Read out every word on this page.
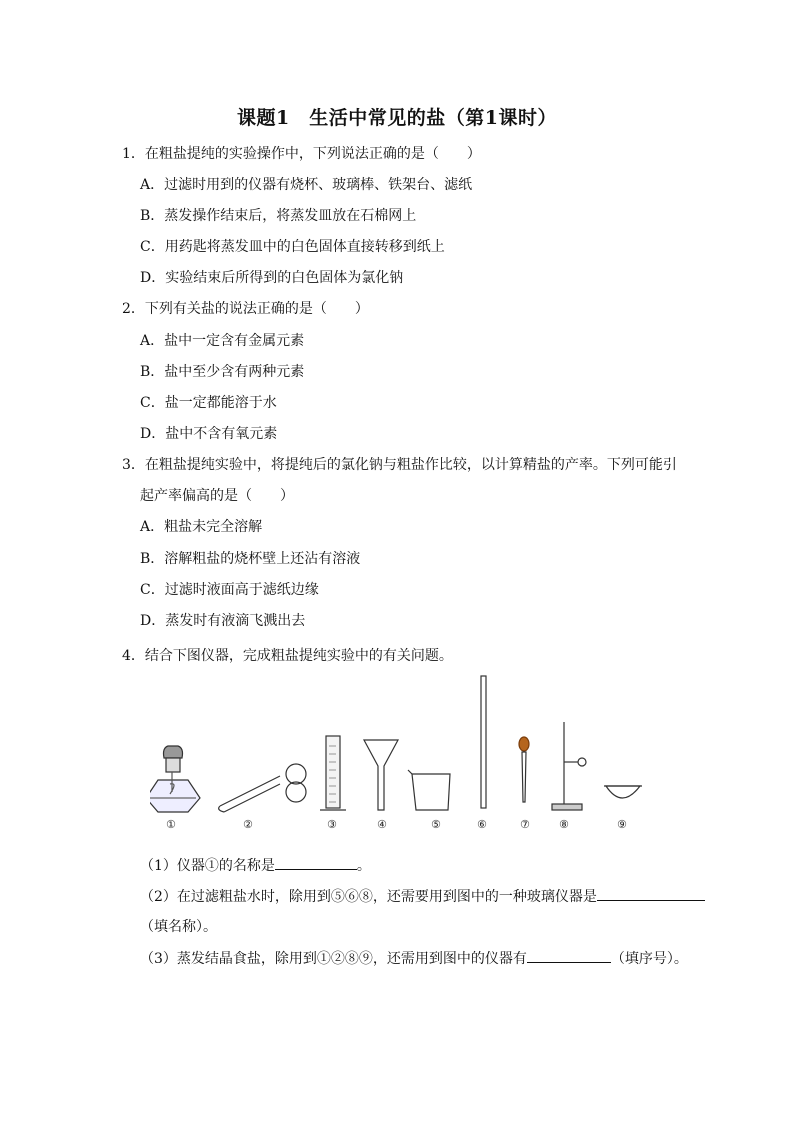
课题1　生活中常见的盐（第1课时）
1．在粗盐提纯的实验操作中，下列说法正确的是（　　）
A．过滤时用到的仪器有烧杯、玻璃棒、铁架台、滤纸
B．蒸发操作结束后，将蒸发皿放在石棉网上
C．用药匙将蒸发皿中的白色固体直接转移到纸上
D．实验结束后所得到的白色固体为氯化钠
2．下列有关盐的说法正确的是（　　）
A．盐中一定含有金属元素
B．盐中至少含有两种元素
C．盐一定都能溶于水
D．盐中不含有氧元素
3．在粗盐提纯实验中，将提纯后的氯化钠与粗盐作比较，以计算精盐的产率。下列可能引
起产率偏高的是（　　）
A．粗盐未完全溶解
B．溶解粗盐的烧杯壁上还沾有溶液
C．过滤时液面高于滤纸边缘
D．蒸发时有液滴飞溅出去
4．结合下图仪器，完成粗盐提纯实验中的有关问题。
①	②	③	④	⑤	⑥	⑦	⑧	⑨
（1）仪器①的名称是	。
（2）在过滤粗盐水时，除用到⑤⑥⑧，还需要用到图中的一种玻璃仪器是
（填名称）。
（3）蒸发结晶食盐，除用到①②⑧⑨，还需用到图中的仪器有	（填序号）。
